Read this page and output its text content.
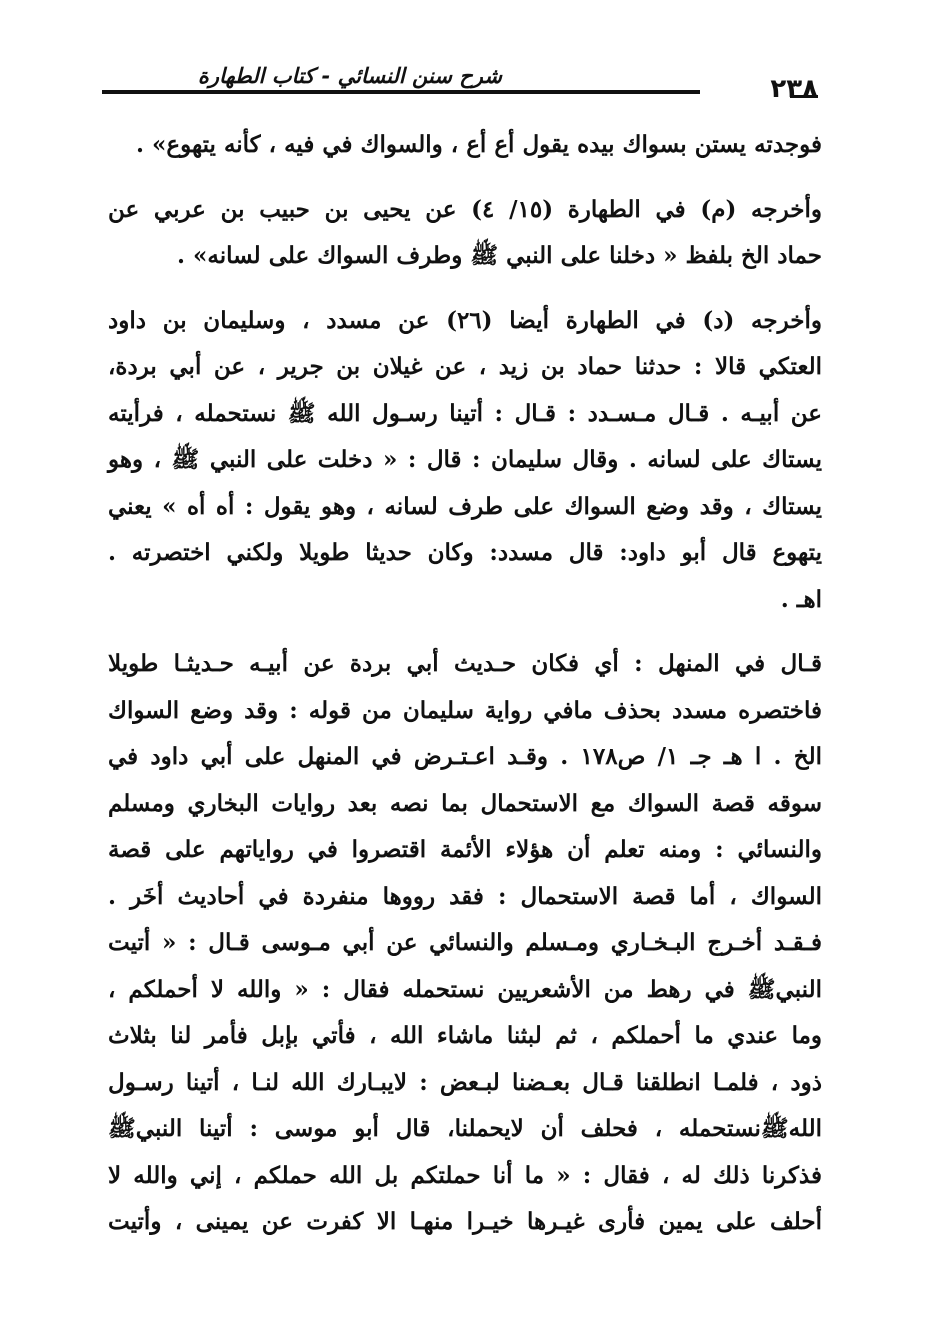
شرح سنن النسائي - كتاب الطهارة	٢٣٨
فوجدته يستن بسواك بيده يقول أع أع ، والسواك في فيه ، كأنه يتهوع» .
وأخرجه (م) في الطهارة (١٥/ ٤) عن يحيى بن حبيب بن عربي عن
حماد الخ بلفظ « دخلنا على النبي ﷺ وطرف السواك على لسانه» .
وأخرجه (د) في الطهارة أيضا (٢٦) عن مسدد ، وسليمان بن داود
العتكي قالا : حدثنا حماد بن زيد ، عن غيلان بن جرير ، عن أبي بردة،
عن أبيـه . قـال مـسـدد : قـال : أتينا رسـول الله ﷺ نستحمله ، فرأيته
يستاك على لسانه . وقال سليمان : قال : « دخلت على النبي ﷺ ، وهو
يستاك ، وقد وضع السواك على طرف لسانه ، وهو يقول : أه أه » يعني
يتهوع قال أبو داود: قال مسدد: وكان حديثا طويلا ولكني اختصرته .
اهـ .
قـال في المنهل : أي فكان حـديث أبي بردة عن أبيـه حـديثـا طويلا
فاختصره مسدد بحذف مافي رواية سليمان من قوله : وقد وضع السواك
الخ . ا هـ جـ ١/ ص١٧٨ . وقـد اعـتـرض في المنهل على أبي داود في
سوقه قصة السواك مع الاستحمال بما نصه بعد روايات البخاري ومسلم
والنسائي : ومنه تعلم أن هؤلاء الأئمة اقتصروا في رواياتهم على قصة
السواك ، أما قصة الاستحمال : فقد رووها منفردة في أحاديث أخَر .
فـقـد أخـرج البـخـاري ومـسلم والنسائي عن أبي مـوسى قـال : « أتيت
النبيﷺ في رهط من الأشعريين نستحمله فقال : « والله لا أحملكم ،
وما عندي ما أحملكم ، ثم لبثنا ماشاء الله ، فأتي بإبل فأمر لنا بثلاث
ذود ، فلمـا انطلقنا قـال بعـضنا لبـعض : لايبـارك الله لنـا ، أتينا رسـول
اللهﷺنستحمله ، فحلف أن لايحملنا، قال أبو موسى : أتينا النبيﷺ
فذكرنا ذلك له ، فقال : « ما أنا حملتكم بل الله حملكم ، إني والله لا
أحلف على يمين فأرى غيـرها خيـرا منهـا الا كفرت عن يمينى ، وأتيت
